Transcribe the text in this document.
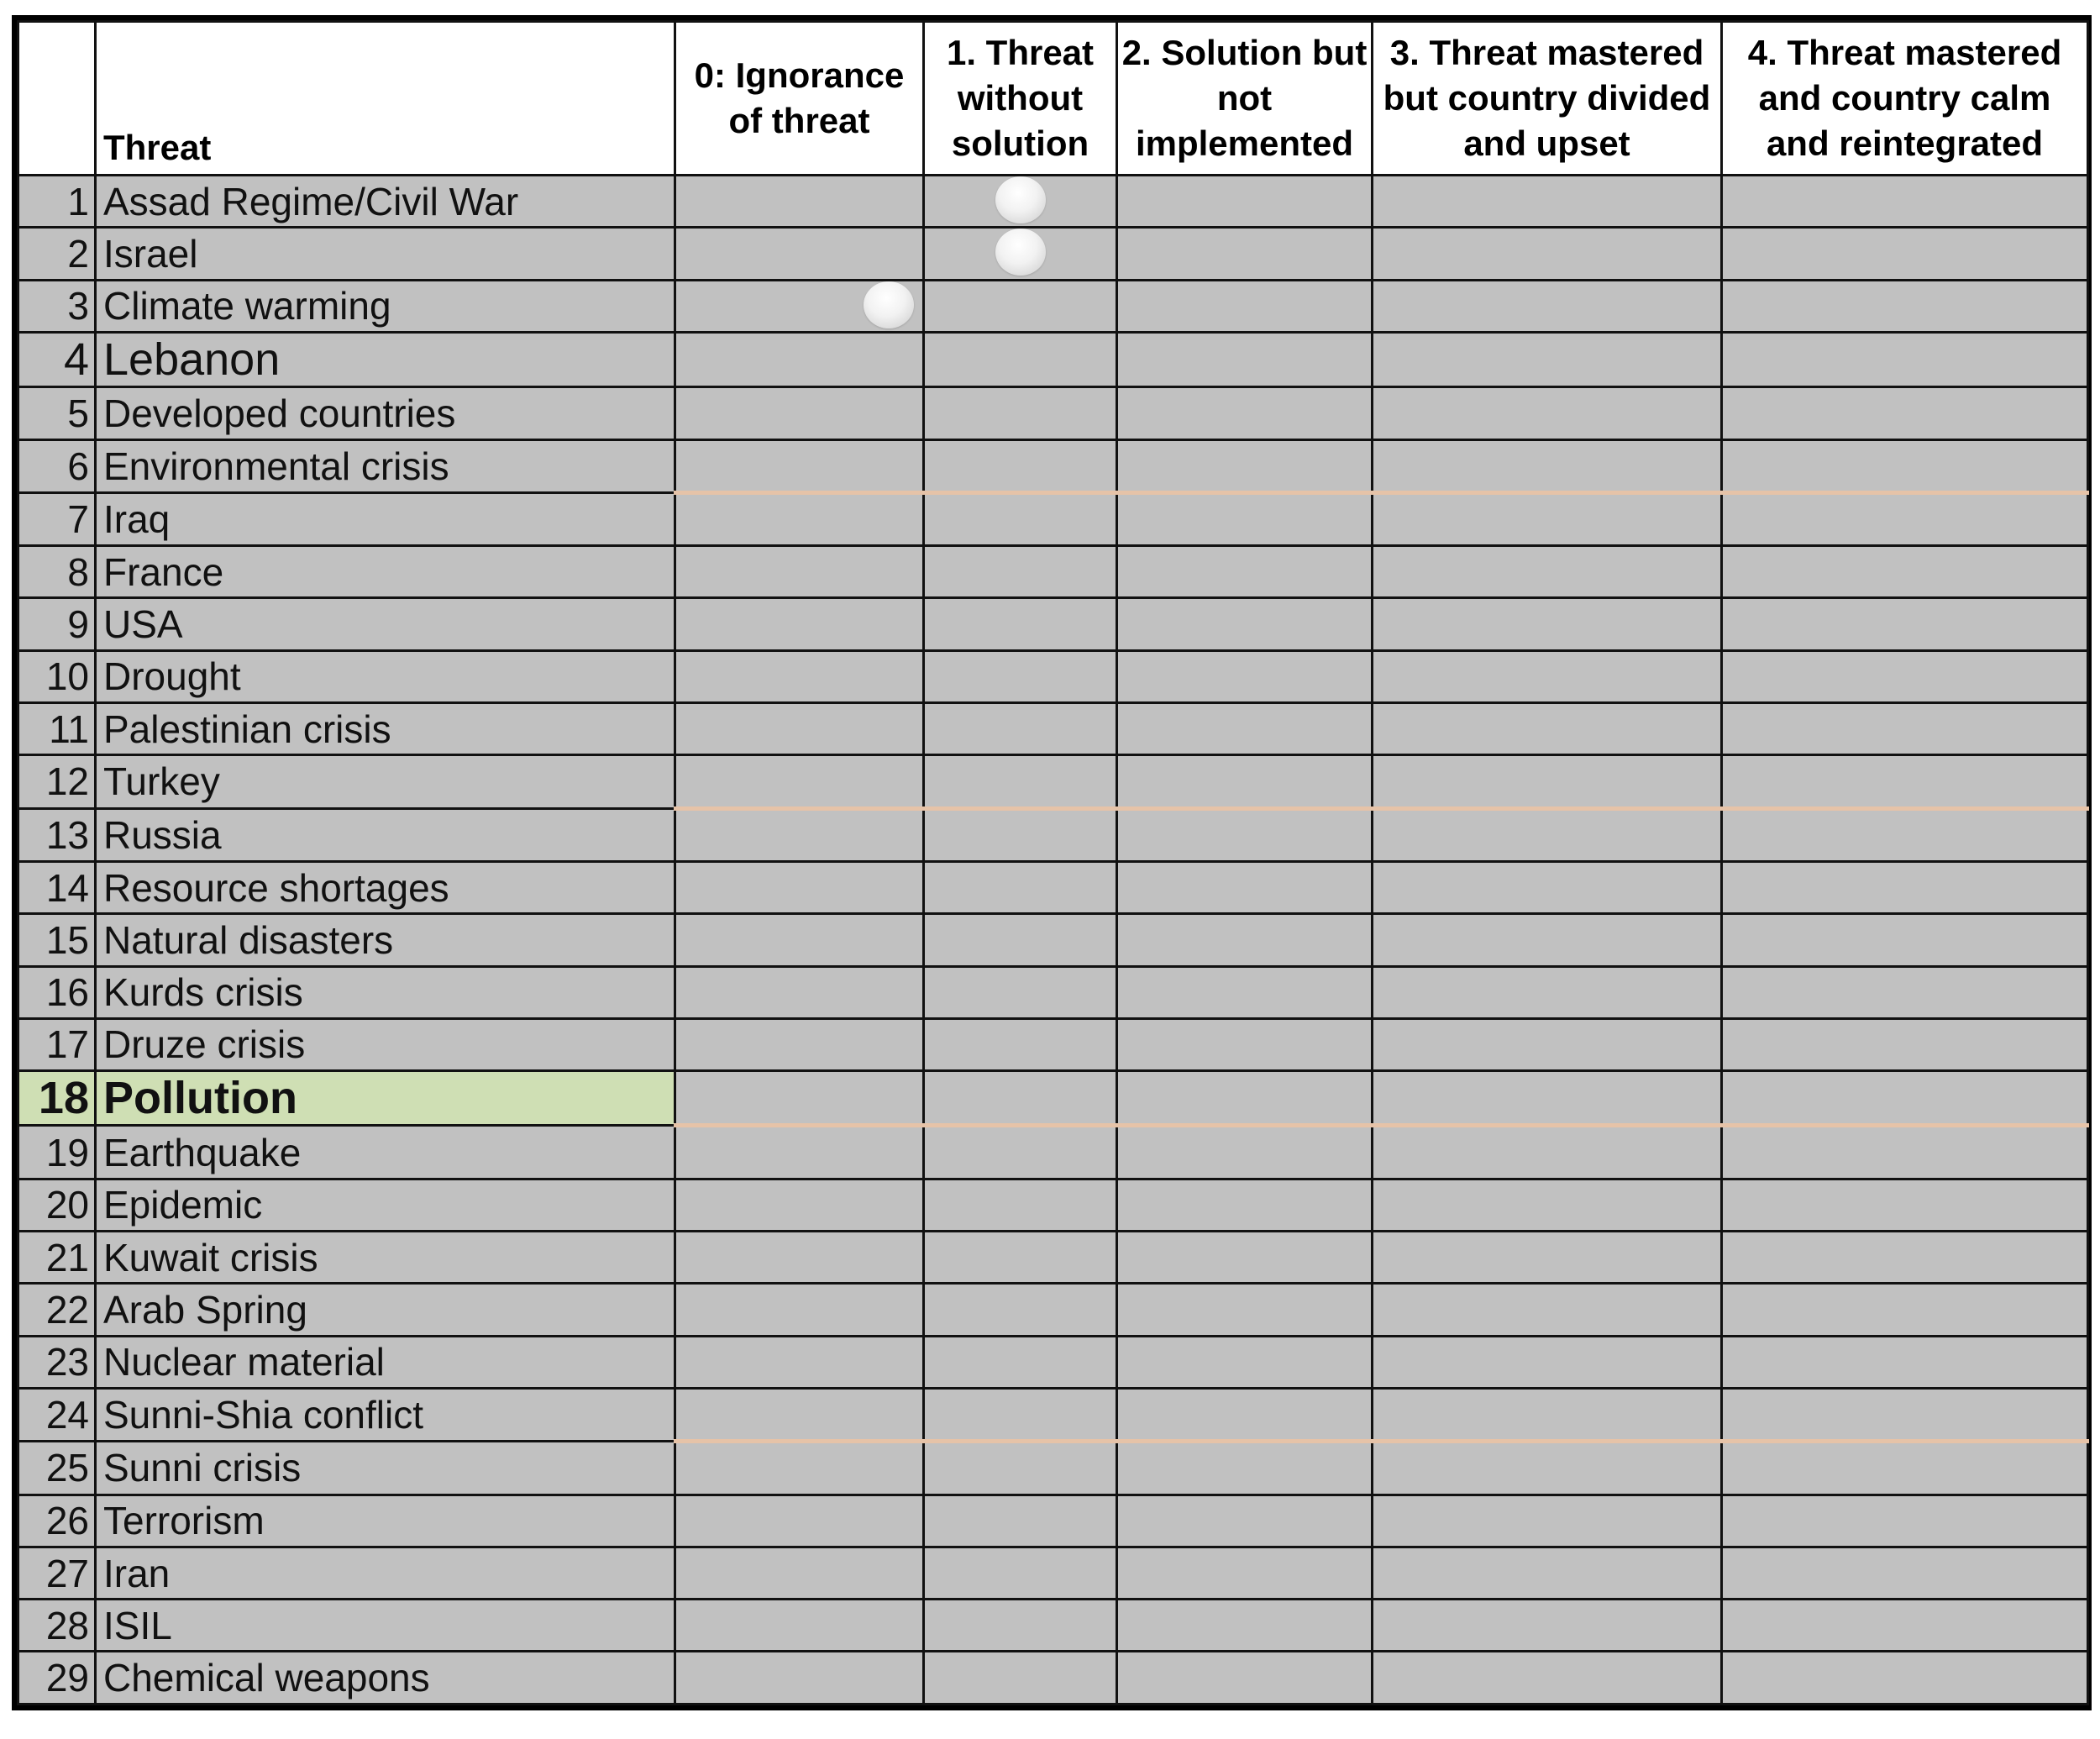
	Threat	0: Ignorance of threat	1. Threat without solution	2. Solution but not implemented	3. Threat mastered but country divided and upset	4. Threat mastered and country calm and reintegrated
1	Assad Regime/Civil War		

2	Israel		

3	Climate warming	

4	Lebanon					
5	Developed countries					
6	Environmental crisis					
7	Iraq					
8	France					
9	USA					
10	Drought					
11	Palestinian crisis					
12	Turkey					
13	Russia					
14	Resource shortages					
15	Natural disasters					
16	Kurds crisis					
17	Druze crisis					
18	Pollution					
19	Earthquake					
20	Epidemic					
21	Kuwait crisis					
22	Arab Spring					
23	Nuclear material					
24	Sunni-Shia conflict					
25	Sunni crisis					
26	Terrorism					
27	Iran					
28	ISIL					
29	Chemical weapons					
